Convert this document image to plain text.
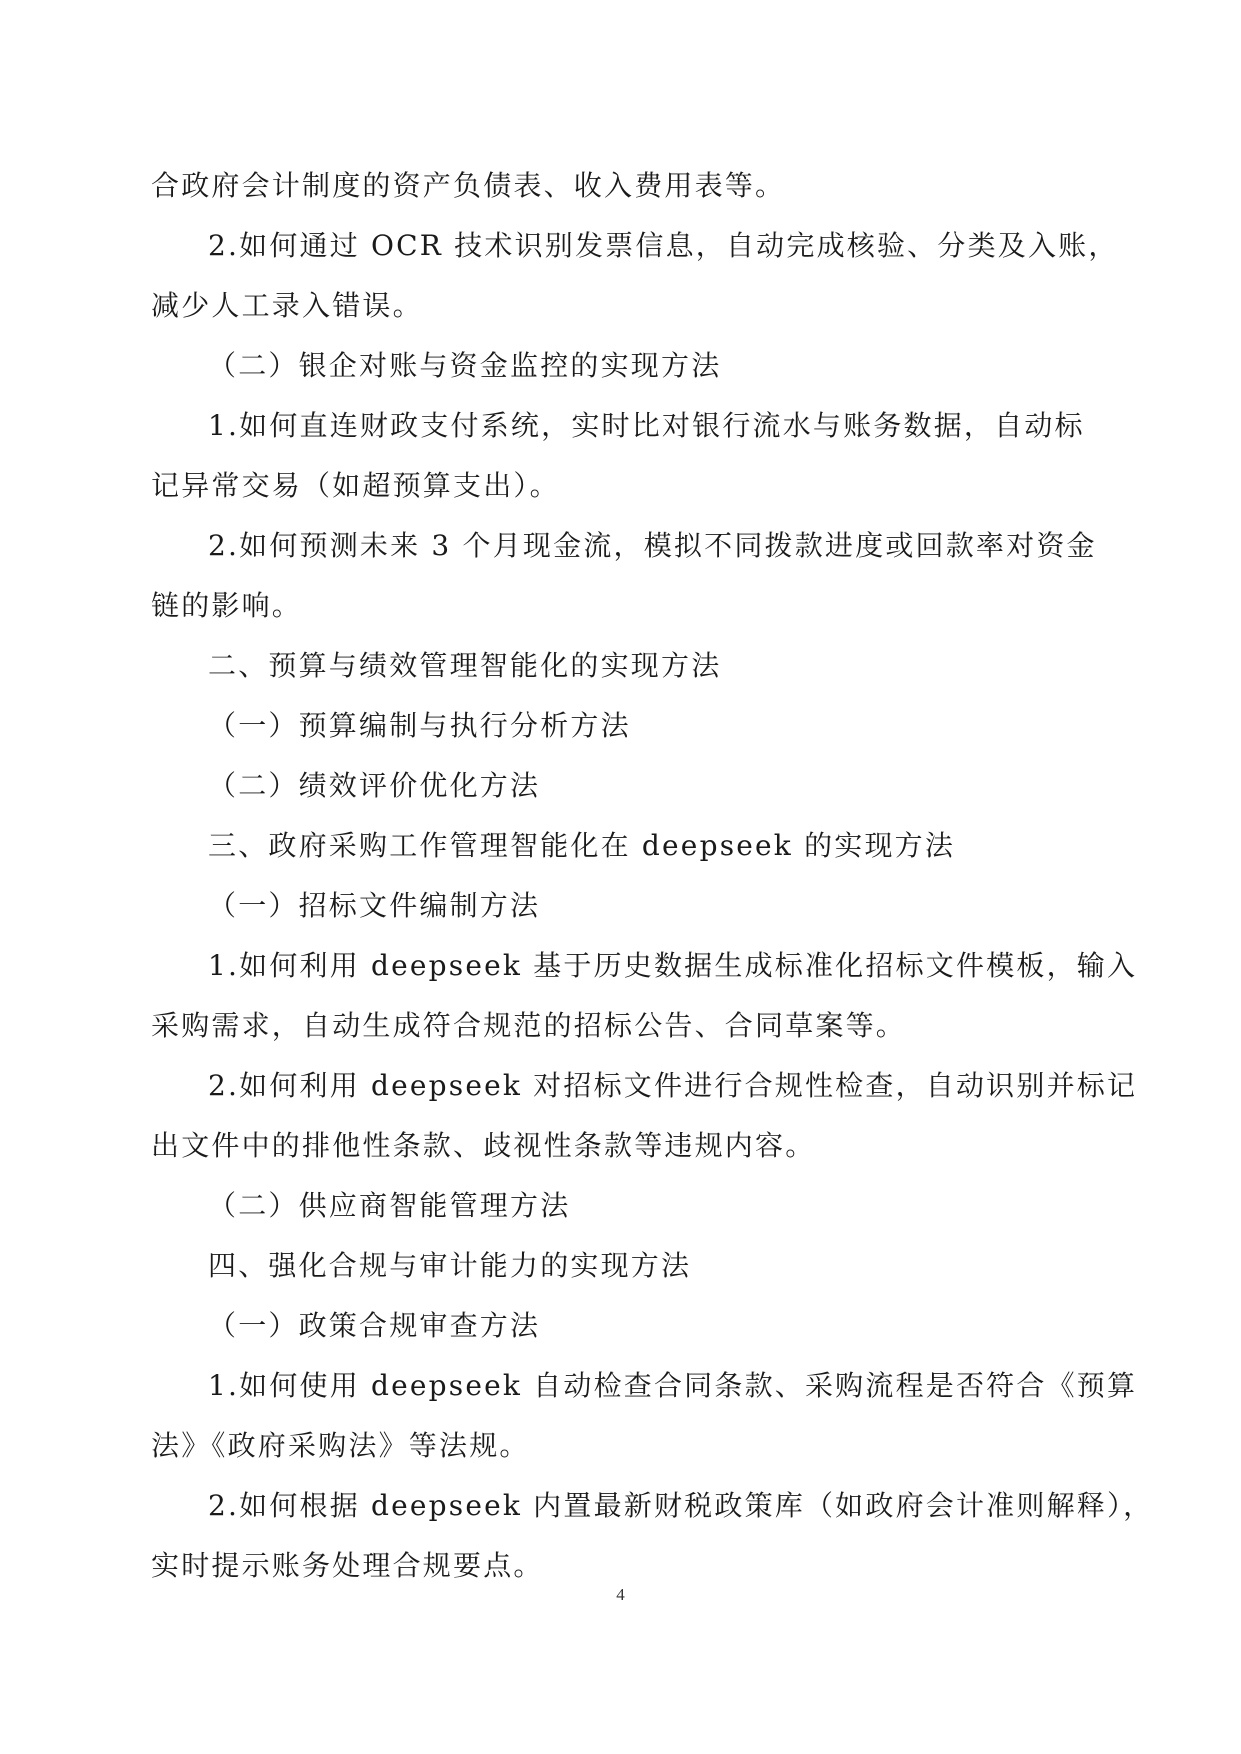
合政府会计制度的资产负债表、收入费用表等。
2.如何通过 OCR 技术识别发票信息，自动完成核验、分类及入账，
减少人工录入错误。
（二）银企对账与资金监控的实现方法
1.如何直连财政支付系统，实时比对银行流水与账务数据，自动标
记异常交易（如超预算支出）。
2.如何预测未来 3 个月现金流，模拟不同拨款进度或回款率对资金
链的影响。
二、预算与绩效管理智能化的实现方法
（一）预算编制与执行分析方法
（二）绩效评价优化方法
三、政府采购工作管理智能化在 deepseek 的实现方法
（一）招标文件编制方法
1.如何利用 deepseek 基于历史数据生成标准化招标文件模板，输入
采购需求，自动生成符合规范的招标公告、合同草案等。
2.如何利用 deepseek 对招标文件进行合规性检查，自动识别并标记
出文件中的排他性条款、歧视性条款等违规内容。
（二）供应商智能管理方法
四、强化合规与审计能力的实现方法
（一）政策合规审查方法
1.如何使用 deepseek 自动检查合同条款、采购流程是否符合《预算
法》《政府采购法》等法规。
2.如何根据 deepseek 内置最新财税政策库（如政府会计准则解释），
实时提示账务处理合规要点。
4
